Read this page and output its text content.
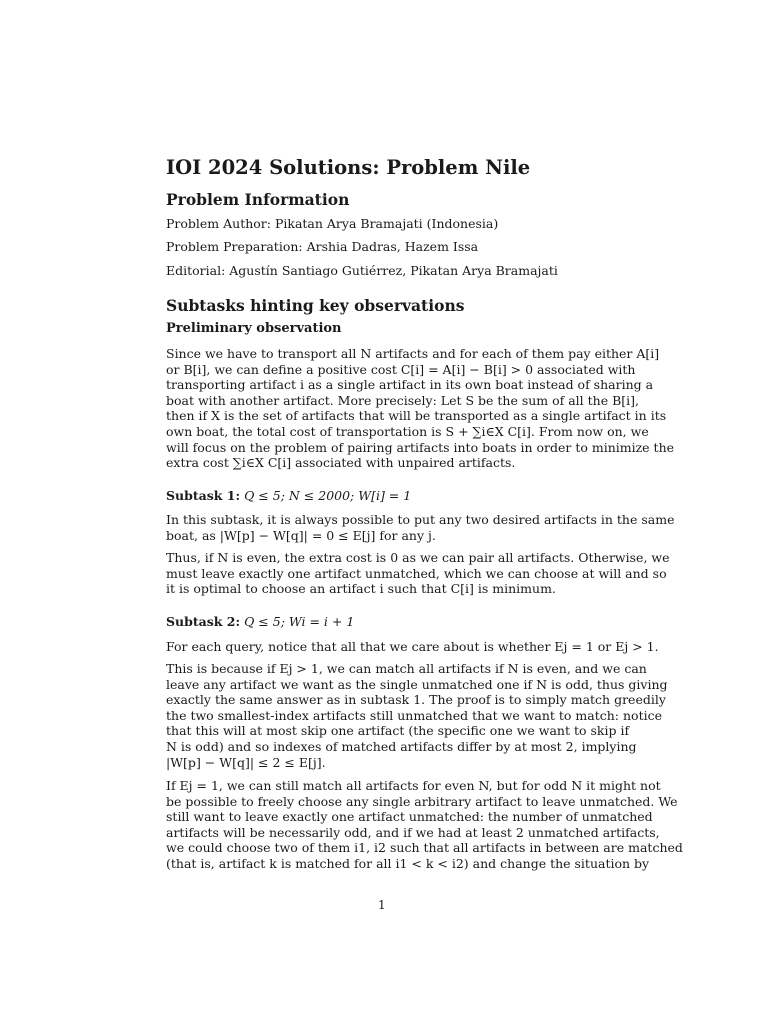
IOI 2024 Solutions: Problem Nile
Problem Information

Problem Author: Pikatan Arya Bramajati (Indonesia)

Problem Preparation: Arshia Dadras, Hazem Issa

Editorial: Agustín Santiago Gutiérrez, Pikatan Arya Bramajati

Subtasks hinting key observations
Preliminary observation
Since we have to transport all N artifacts and for each of them pay either A[i]
or B[i], we can define a positive cost C[i] = A[i] − B[i] > 0 associated with
transporting artifact i as a single artifact in its own boat instead of sharing a
boat with another artifact. More precisely: Let S be the sum of all the B[i],
then if X is the set of artifacts that will be transported as a single artifact in its
own boat, the total cost of transportation is S + ∑i∈X C[i]. From now on, we
will focus on the problem of pairing artifacts into boats in order to minimize the
extra cost ∑i∈X C[i] associated with unpaired artifacts.

Subtask 1: Q ≤ 5; N ≤ 2000; W[i] = 1

In this subtask, it is always possible to put any two desired artifacts in the same
boat, as |W[p] − W[q]| = 0 ≤ E[j] for any j.
Thus, if N is even, the extra cost is 0 as we can pair all artifacts. Otherwise, we
must leave exactly one artifact unmatched, which we can choose at will and so
it is optimal to choose an artifact i such that C[i] is minimum.

Subtask 2: Q ≤ 5; Wi = i + 1

For each query, notice that all that we care about is whether Ej = 1 or Ej > 1.
This is because if Ej > 1, we can match all artifacts if N is even, and we can
leave any artifact we want as the single unmatched one if N is odd, thus giving
exactly the same answer as in subtask 1. The proof is to simply match greedily
the two smallest-index artifacts still unmatched that we want to match: notice
that this will at most skip one artifact (the specific one we want to skip if
N is odd) and so indexes of matched artifacts differ by at most 2, implying
|W[p] − W[q]| ≤ 2 ≤ E[j].
If Ej = 1, we can still match all artifacts for even N, but for odd N it might not
be possible to freely choose any single arbitrary artifact to leave unmatched. We
still want to leave exactly one artifact unmatched: the number of unmatched
artifacts will be necessarily odd, and if we had at least 2 unmatched artifacts,
we could choose two of them i1, i2 such that all artifacts in between are matched
(that is, artifact k is matched for all i1 < k < i2) and change the situation by
1
